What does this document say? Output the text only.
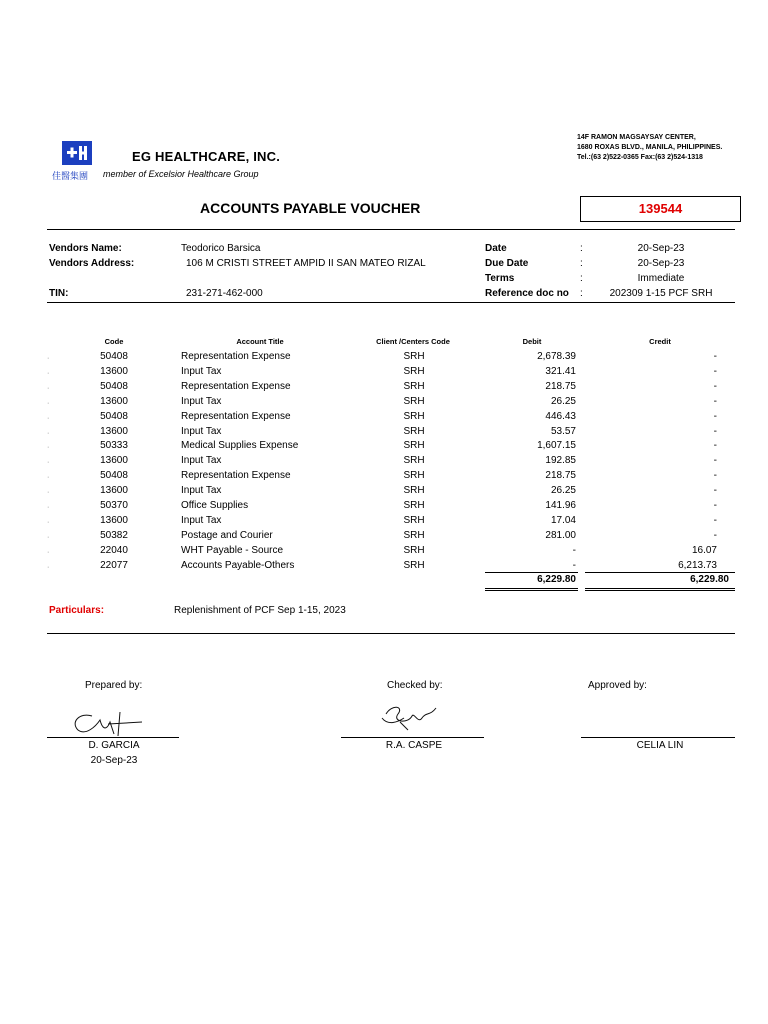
EG HEALTHCARE, INC.
佳醫集團 member of Excelsior Healthcare Group
14F RAMON MAGSAYSAY CENTER,
1680 ROXAS BLVD., MANILA, PHILIPPINES.
Tel.:(63 2)522-0365 Fax:(63 2)524-1318
ACCOUNTS PAYABLE VOUCHER	139544
Vendors Name:	Teodorico Barsica
Vendors Address:	106 M CRISTI STREET AMPID II SAN MATEO RIZAL
TIN:	231-271-462-000
Date	:	20-Sep-23
Due Date	:	20-Sep-23
Terms	:	Immediate
Reference doc no :	202309 1-15 PCF SRH
Code	Account Title	Client /Centers Code	Debit	Credit
·	50408	Representation Expense	SRH	2,678.39	-
·	13600	Input Tax	SRH	321.41	-
·	50408	Representation Expense	SRH	218.75	-
·	13600	Input Tax	SRH	26.25	-
·	50408	Representation Expense	SRH	446.43	-
·	13600	Input Tax	SRH	53.57	-
·	50333	Medical Supplies Expense	SRH	1,607.15	-
·	13600	Input Tax	SRH	192.85	-
·	50408	Representation Expense	SRH	218.75	-
·	13600	Input Tax	SRH	26.25	-
·	50370	Office Supplies	SRH	141.96	-
·	13600	Input Tax	SRH	17.04	-
·	50382	Postage and Courier	SRH	281.00	-
·	22040	WHT Payable - Source	SRH	-	16.07
·	22077	Accounts Payable-Others	SRH	-	6,213.73
6,229.80	6,229.80
Particulars:	Replenishment of PCF Sep 1-15, 2023
Prepared by:	Checked by:	Approved by:
D. GARCIA
20-Sep-23
R.A. CASPE	CELIA LIN
